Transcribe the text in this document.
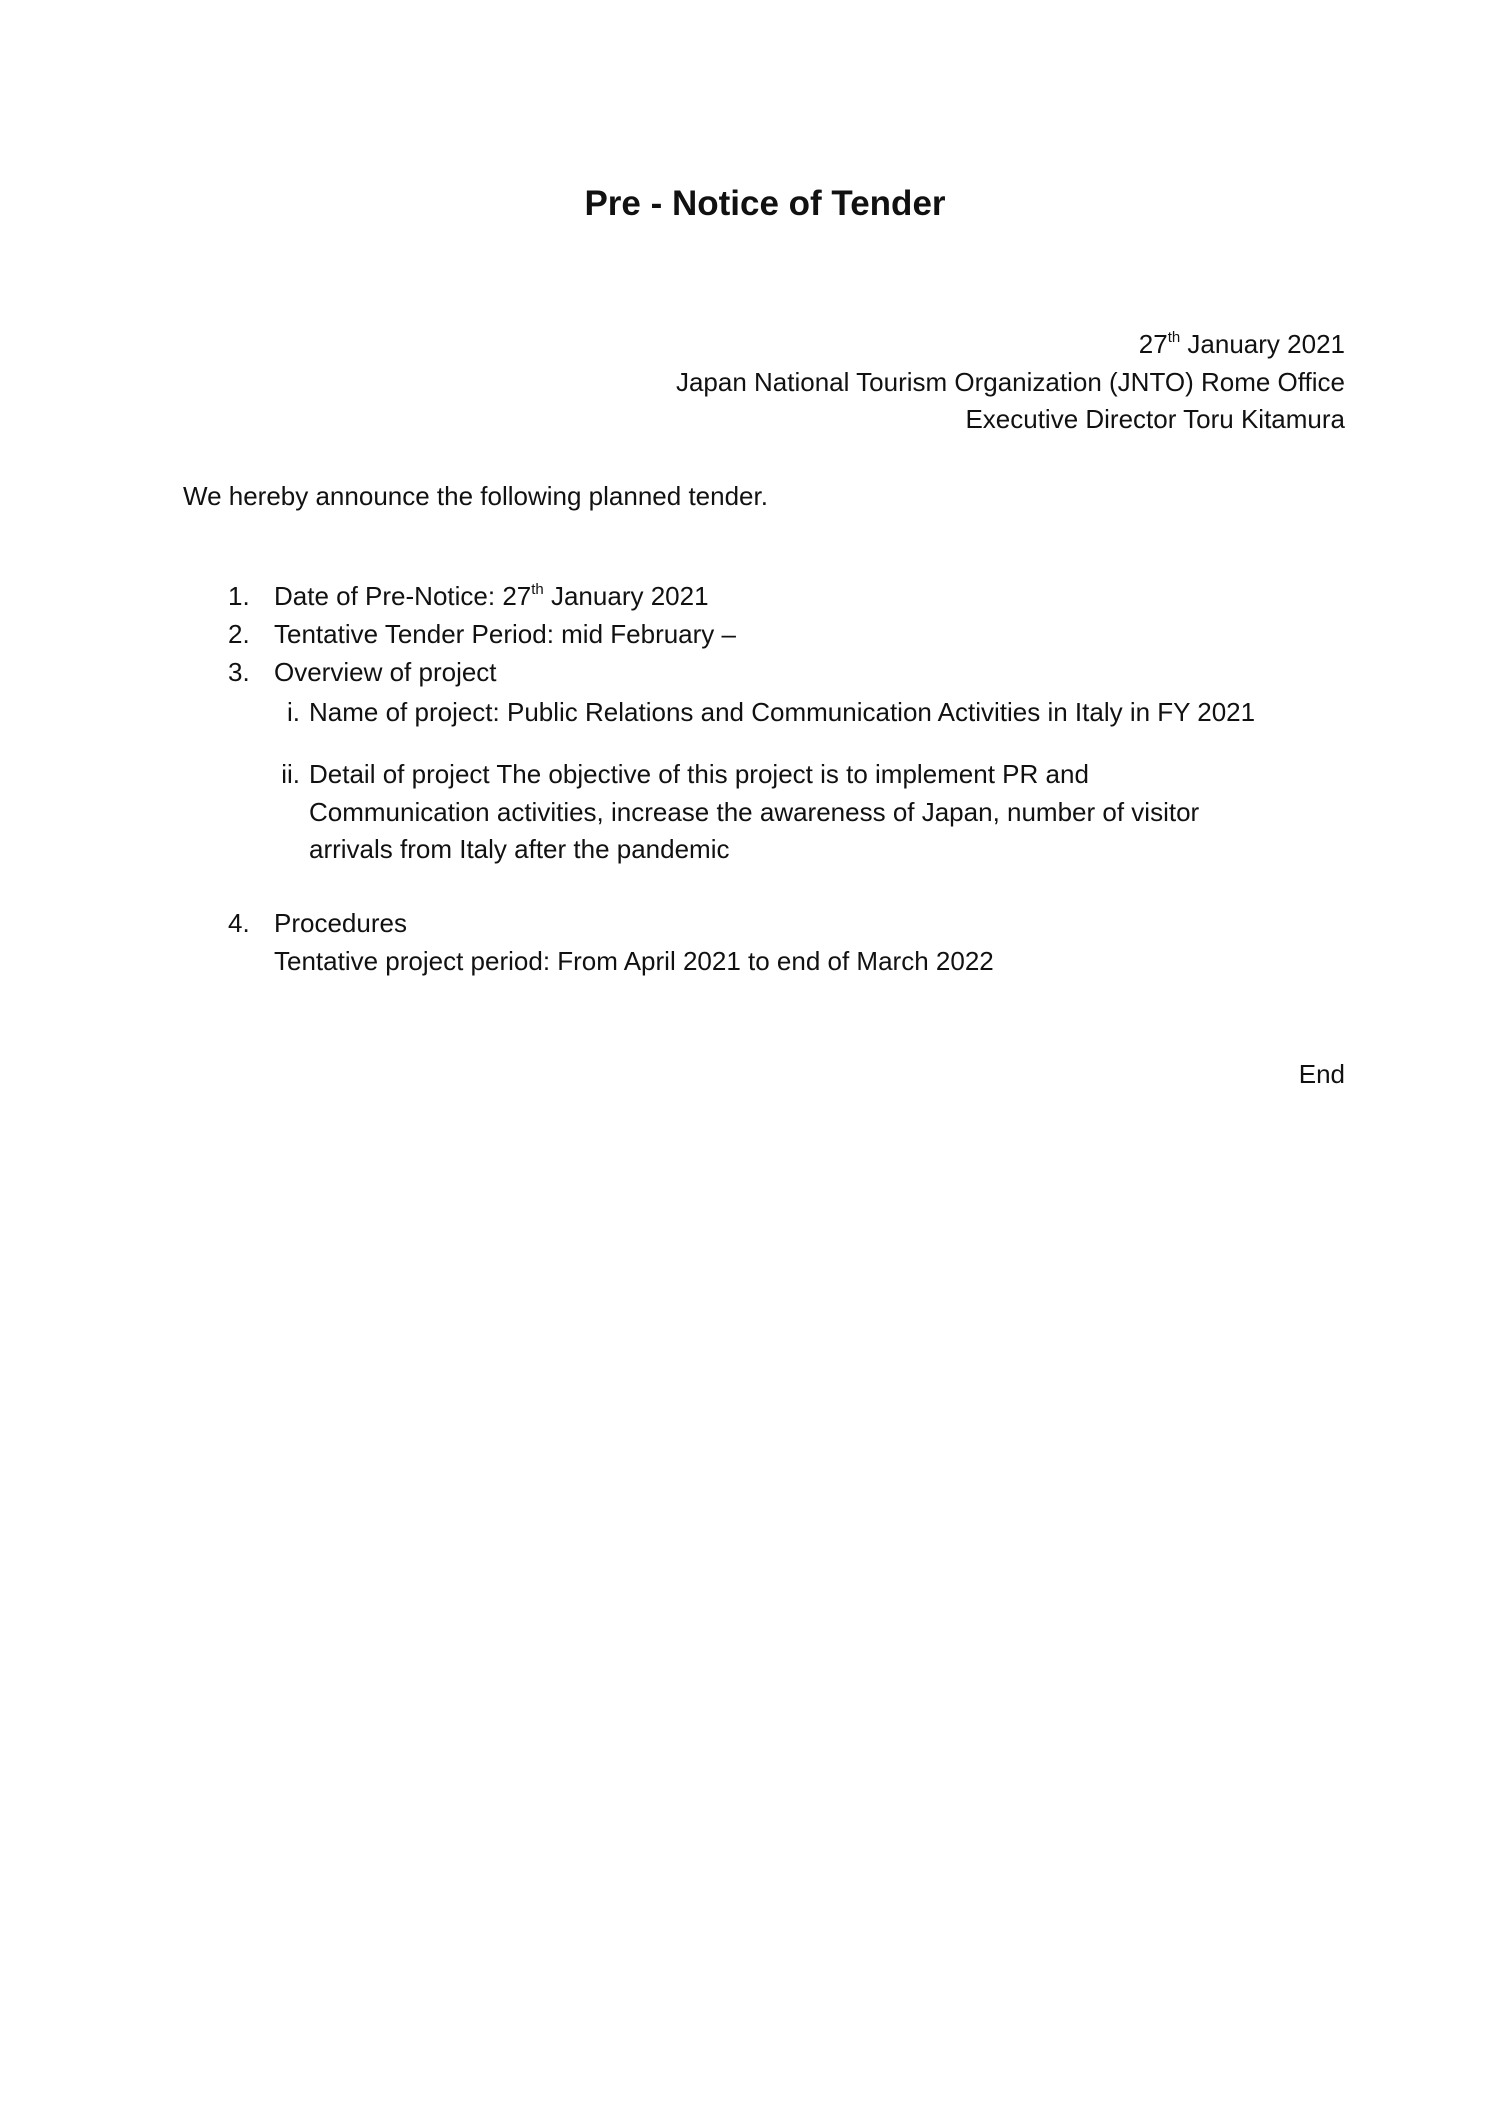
Pre - Notice of Tender
27th January 2021
Japan National Tourism Organization (JNTO) Rome Office
Executive Director Toru Kitamura
We hereby announce the following planned tender.
1. Date of Pre-Notice: 27th January 2021
2. Tentative Tender Period: mid February –
3. Overview of project
i. Name of project: Public Relations and Communication Activities in Italy in FY 2021
ii. Detail of project The objective of this project is to implement PR and
Communication activities, increase the awareness of Japan, number of visitor
arrivals from Italy after the pandemic
4. Procedures
Tentative project period: From April 2021 to end of March 2022
End
